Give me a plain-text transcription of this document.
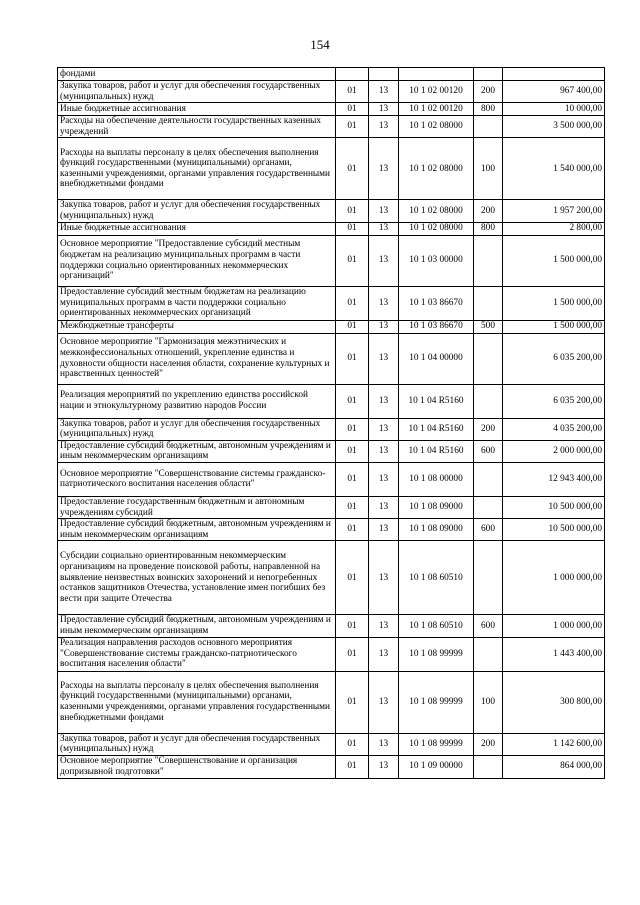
154
фондами					
Закупка товаров, работ и услуг для обеспечения государственных (муниципальных) нужд	01	13	10 1 02 00120	200	967 400,00
Иные бюджетные ассигнования	01	13	10 1 02 00120	800	10 000,00
Расходы на обеспечение деятельности государственных казенных учреждений	01	13	10 1 02 08000		3 500 000,00
Расходы на выплаты персоналу в целях обеспечения выполнения функций государственными (муниципальными) органами, казенными учреждениями, органами управления государственными внебюджетными фондами	01	13	10 1 02 08000	100	1 540 000,00
Закупка товаров, работ и услуг для обеспечения государственных (муниципальных) нужд	01	13	10 1 02 08000	200	1 957 200,00
Иные бюджетные ассигнования	01	13	10 1 02 08000	800	2 800,00
Основное мероприятие "Предоставление субсидий местным бюджетам на реализацию муниципальных программ в части поддержки социально ориентированных некоммерческих организаций"	01	13	10 1 03 00000		1 500 000,00
Предоставление субсидий местным бюджетам на реализацию муниципальных программ в части поддержки социально ориентированных некоммерческих организаций	01	13	10 1 03 86670		1 500 000,00
Межбюджетные трансферты	01	13	10 1 03 86670	500	1 500 000,00
Основное мероприятие "Гармонизация межэтнических и межконфессиональных отношений, укрепление единства и духовности общности населения области, сохранение культурных и нравственных ценностей"	01	13	10 1 04 00000		6 035 200,00
Реализация мероприятий по укреплению единства российской нации и этнокультурному развитию народов России	01	13	10 1 04 R5160		6 035 200,00
Закупка товаров, работ и услуг для обеспечения государственных (муниципальных) нужд	01	13	10 1 04 R5160	200	4 035 200,00
Предоставление субсидий бюджетным, автономным учреждениям и иным некоммерческим организациям	01	13	10 1 04 R5160	600	2 000 000,00
Основное мероприятие "Совершенствование системы гражданско-патриотического воспитания населения области"	01	13	10 1 08 00000		12 943 400,00
Предоставление государственным бюджетным и автономным учреждениям субсидий	01	13	10 1 08 09000		10 500 000,00
Предоставление субсидий бюджетным, автономным учреждениям и иным некоммерческим организациям	01	13	10 1 08 09000	600	10 500 000,00
Субсидии социально ориентированным некоммерческим организациям на проведение поисковой работы, направленной на выявление неизвестных воинских захоронений и непогребенных останков защитников Отечества, установление имен погибших без вести при защите Отечества	01	13	10 1 08 60510		1 000 000,00
Предоставление субсидий бюджетным, автономным учреждениям и иным некоммерческим организациям	01	13	10 1 08 60510	600	1 000 000,00
Реализация направления расходов основного мероприятия "Совершенствование системы гражданско-патриотического воспитания населения области"	01	13	10 1 08 99999		1 443 400,00
Расходы на выплаты персоналу в целях обеспечения выполнения функций государственными (муниципальными) органами, казенными учреждениями, органами управления государственными внебюджетными фондами	01	13	10 1 08 99999	100	300 800,00
Закупка товаров, работ и услуг для обеспечения государственных (муниципальных) нужд	01	13	10 1 08 99999	200	1 142 600,00
Основное мероприятие "Совершенствование и организация допризывной подготовки"	01	13	10 1 09 00000		864 000,00
